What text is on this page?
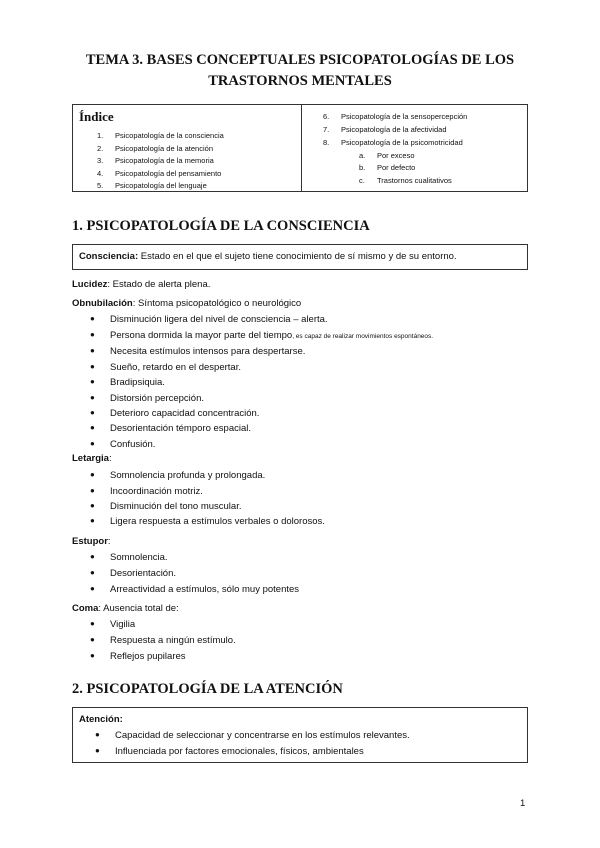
TEMA 3. BASES CONCEPTUALES PSICOPATOLOGÍAS DE LOS
TRASTORNOS MENTALES
Índice
1. Psicopatología de la consciencia
2. Psicopatología de la atención
3. Psicopatología de la memoria
4. Psicopatología del pensamiento
5. Psicopatología del lenguaje
6. Psicopatología de la sensopercepción
7. Psicopatología de la afectividad
8. Psicopatología de la psicomotricidad
a. Por exceso
b. Por defecto
c. Trastornos cualitativos
1. PSICOPATOLOGÍA DE LA CONSCIENCIA
Consciencia: Estado en el que el sujeto tiene conocimiento de sí mismo y de su entorno.
Lucidez: Estado de alerta plena.
Obnubilación: Síntoma psicopatológico o neurológico
● Disminución ligera del nivel de consciencia – alerta.
● Persona dormida la mayor parte del tiempo, es capaz de realizar movimientos espontáneos.
● Necesita estímulos intensos para despertarse.
● Sueño, retardo en el despertar.
● Bradipsiquia.
● Distorsión percepción.
● Deterioro capacidad concentración.
● Desorientación témporo espacial.
● Confusión.
Letargia:
● Somnolencia profunda y prolongada.
● Incoordinación motriz.
● Disminución del tono muscular.
● Ligera respuesta a estímulos verbales o dolorosos.
Estupor:
● Somnolencia.
● Desorientación.
● Arreactividad a estímulos, sólo muy potentes
Coma: Ausencia total de:
● Vigilia
● Respuesta a ningún estímulo.
● Reflejos pupilares
2. PSICOPATOLOGÍA DE LA ATENCIÓN
Atención:
● Capacidad de seleccionar y concentrarse en los estímulos relevantes.
● Influenciada por factores emocionales, físicos, ambientales
1
